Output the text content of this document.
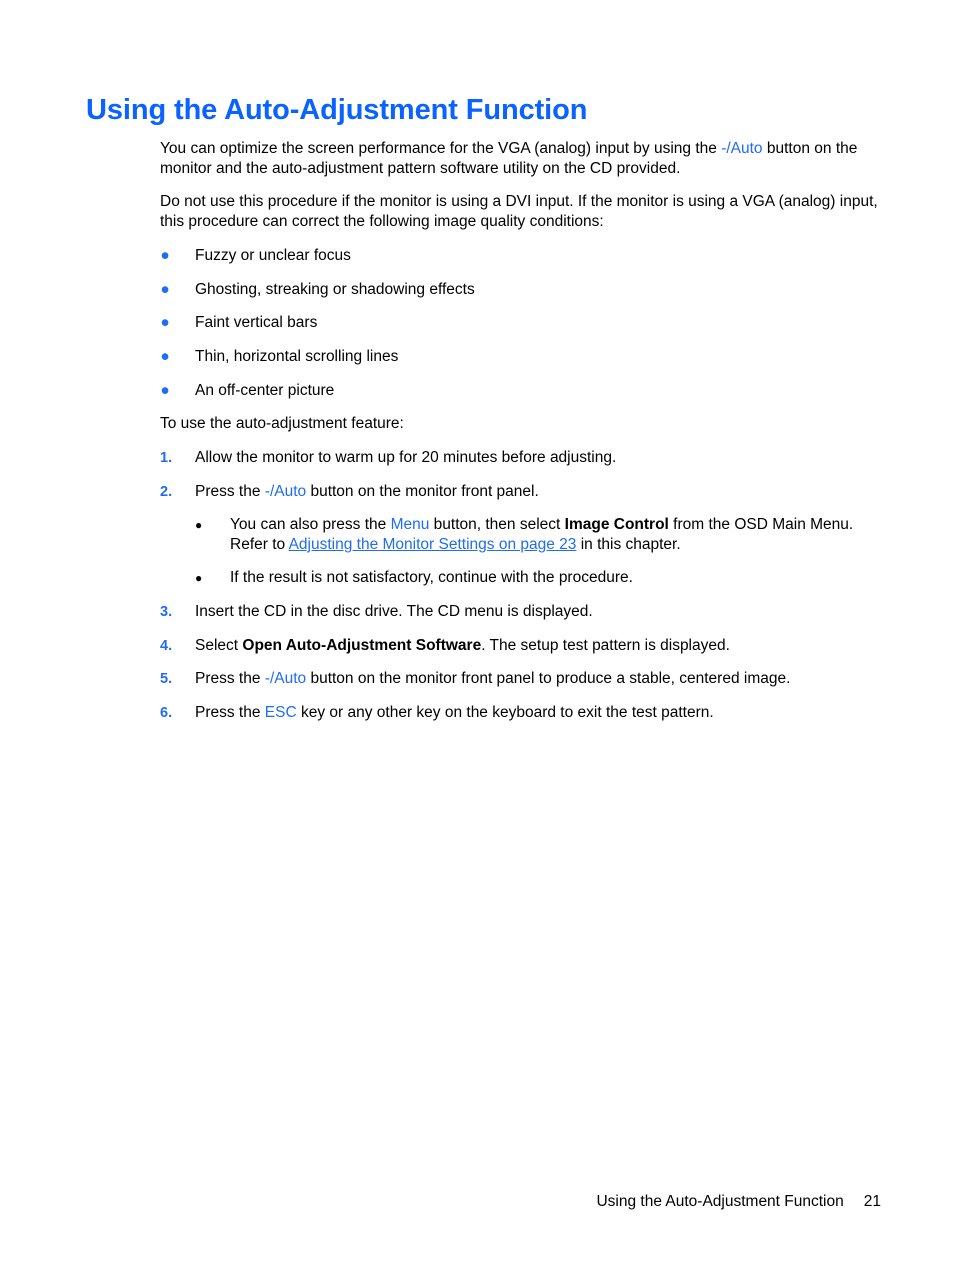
Using the Auto-Adjustment Function

You can optimize the screen performance for the VGA (analog) input by using the -/Auto button on the monitor and the auto-adjustment pattern software utility on the CD provided.

Do not use this procedure if the monitor is using a DVI input. If the monitor is using a VGA (analog) input, this procedure can correct the following image quality conditions:

● Fuzzy or unclear focus
● Ghosting, streaking or shadowing effects
● Faint vertical bars
● Thin, horizontal scrolling lines
● An off-center picture

To use the auto-adjustment feature:

1. Allow the monitor to warm up for 20 minutes before adjusting.
2. Press the -/Auto button on the monitor front panel.
● You can also press the Menu button, then select Image Control from the OSD Main Menu. Refer to Adjusting the Monitor Settings on page 23 in this chapter.
● If the result is not satisfactory, continue with the procedure.
3. Insert the CD in the disc drive. The CD menu is displayed.
4. Select Open Auto-Adjustment Software. The setup test pattern is displayed.
5. Press the -/Auto button on the monitor front panel to produce a stable, centered image.
6. Press the ESC key or any other key on the keyboard to exit the test pattern.
Using the Auto-Adjustment Function 21
